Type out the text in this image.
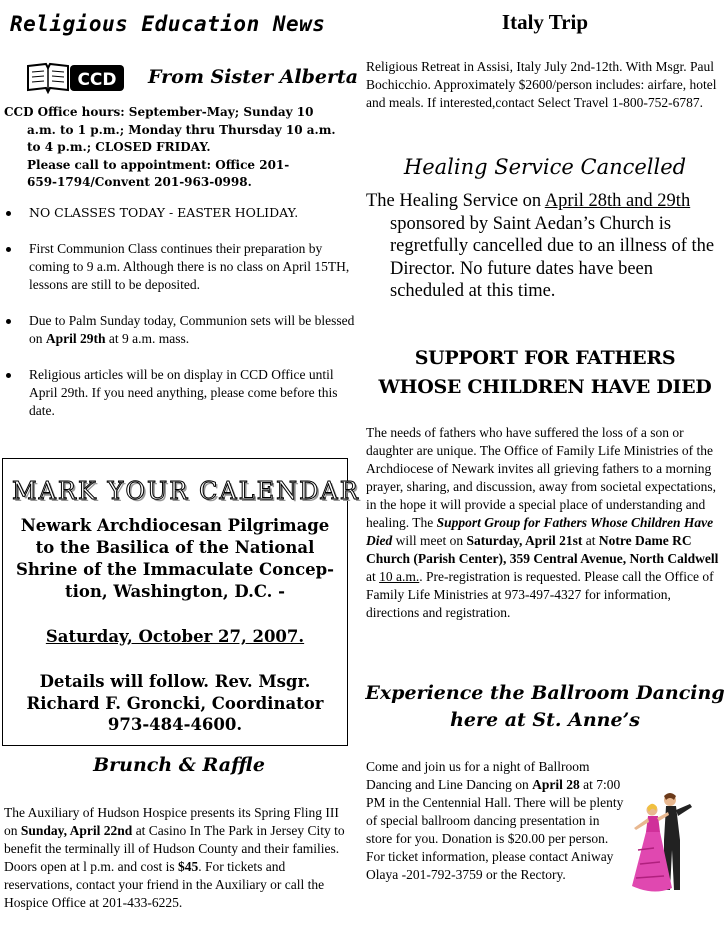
Religious Education News
CCD From Sister Alberta
CCD Office hours: September-May; Sunday 10
a.m. to 1 p.m.; Monday thru Thursday 10 a.m.
to 4 p.m.; CLOSED FRIDAY.
Please call to appointment: Office 201-
659-1794/Convent 201-963-0998.
NO CLASSES TODAY - EASTER HOLIDAY.
First Communion Class continues their preparation by coming to 9 a.m. Although there is no class on April 15TH, lessons are still to be deposited.
Due to Palm Sunday today, Communion sets will be blessed on April 29th at 9 a.m. mass.
Religious articles will be on display in CCD Office until April 29th. If you need anything, please come before this date.
MARK YOUR CALENDAR
Newark Archdiocesan Pilgrimage
to the Basilica of the National
Shrine of the Immaculate Concep-
tion, Washington, D.C. -
Saturday, October 27, 2007.
Details will follow. Rev. Msgr.
Richard F. Groncki, Coordinator
973-484-4600.
Brunch & Raffle
The Auxiliary of Hudson Hospice presents its Spring Fling III on Sunday, April 22nd at Casino In The Park in Jersey City to benefit the terminally ill of Hudson County and their families. Doors open at l p.m. and cost is $45. For tickets and reservations, contact your friend in the Auxiliary or call the Hospice Office at 201-433-6225.
Italy Trip
Religious Retreat in Assisi, Italy July 2nd-12th. With Msgr. Paul Bochicchio. Approximately $2600/person includes: airfare, hotel and meals. If interested,contact Select Travel 1-800-752-6787.
Healing Service Cancelled

The Healing Service on April 28th and 29th sponsored by Saint Aedan’s Church is regretfully cancelled due to an illness of the Director. No future dates have been scheduled at this time.

SUPPORT FOR FATHERS
WHOSE CHILDREN HAVE DIED
The needs of fathers who have suffered the loss of a son or daughter are unique. The Office of Family Life Ministries of the Archdiocese of Newark invites all grieving fathers to a morning prayer, sharing, and discussion, away from societal expectations, in the hope it will provide a special place of understanding and healing. The Support Group for Fathers Whose Children Have Died will meet on Saturday, April 21st at Notre Dame RC Church (Parish Center), 359 Central Avenue, North Caldwell at 10 a.m.. Pre-registration is requested. Please call the Office of Family Life Ministries at 973-497-4327 for information, directions and registration.
Experience the Ballroom Dancing
here at St. Anne’s
Come and join us for a night of Ballroom Dancing and Line Dancing on April 28 at 7:00 PM in the Centennial Hall. There will be plenty of special ballroom dancing presentation in store for you. Donation is $20.00 per person. For ticket information, please contact Aniway Olaya -201-792-3759 or the Rectory.
